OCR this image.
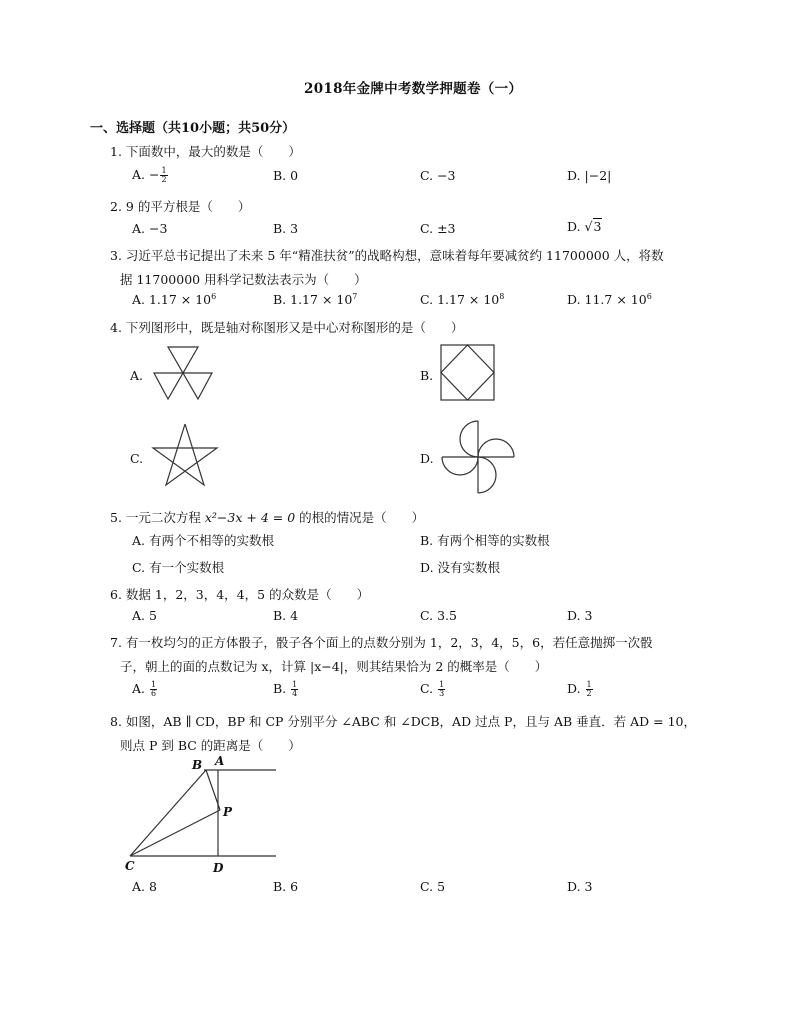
2018年金牌中考数学押题卷（一）
一、选择题（共10小题；共50分）
1. 下面数中，最大的数是（　　）
A. − $\frac{1}{2}$	B. 0	C. −3	D. |−2|
2. 9 的平方根是（　　）
A. −3	B. 3	C. ±3	D. √3
3. 习近平总书记提出了未来 5 年“精准扶贫”的战略构想，意味着每年要减贫约 11700000 人，将数
据 11700000 用科学记数法表示为（　　）
A. $1.17 \times 10^6$	B. $1.17 \times 10^7$	C. $1.17 \times 10^8$	D. $11.7 \times 10^6$
4. 下列图形中，既是轴对称图形又是中心对称图形的是（　　）
A.	B.
C.	D.
5. 一元二次方程 x²−3x + 4 = 0 的根的情况是（　　）
A. 有两个不相等的实数根	B. 有两个相等的实数根
C. 有一个实数根	D. 没有实数根
6. 数据 1，2，3，4，4，5 的众数是（　　）
A. 5	B. 4	C. 3.5	D. 3
7. 有一枚均匀的正方体骰子，骰子各个面上的点数分别为 1，2，3，4，5，6，若任意抛掷一次骰
子，朝上的面的点数记为 x，计算 |x−4|，则其结果恰为 2 的概率是（　　）
A. $\frac{1}{6}$	B. $\frac{1}{4}$	C. $\frac{1}{3}$	D. $\frac{1}{2}$
8. 如图，AB ∥ CD，BP 和 CP 分别平分 ∠ABC 和 ∠DCB，AD 过点 P，且与 AB 垂直．若 AD = 10，
则点 P 到 BC 的距离是（　　）
B A
P
C	D
A. 8	B. 6	C. 5	D. 3
